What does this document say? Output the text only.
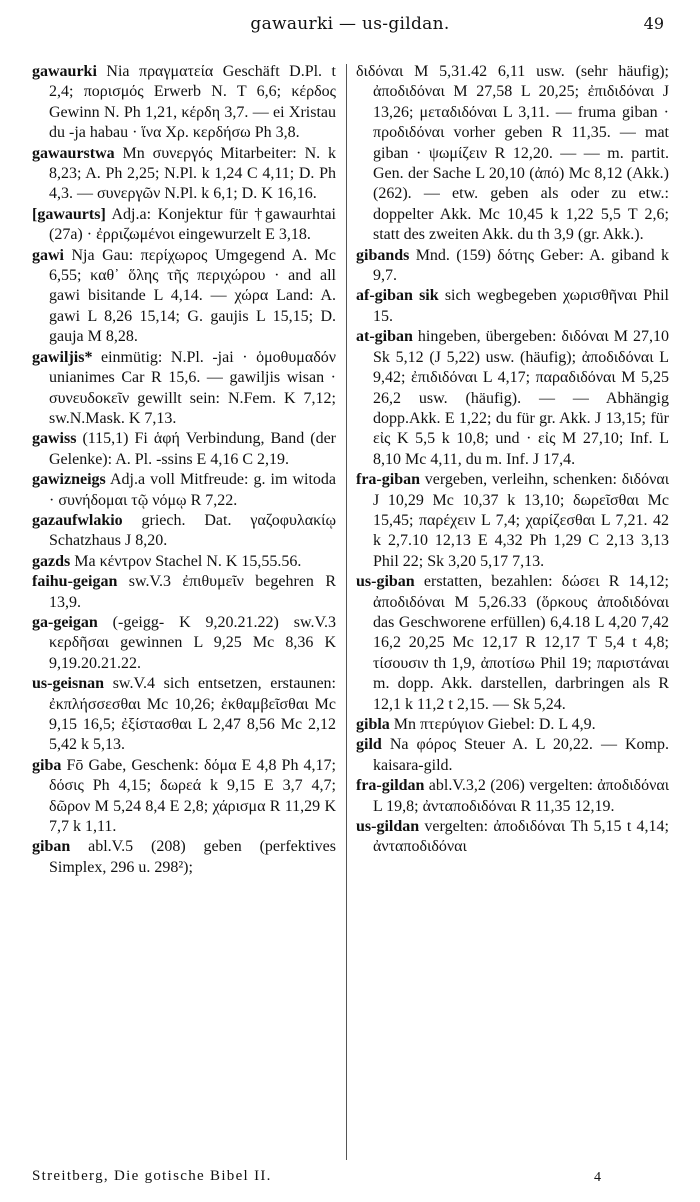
gawaurki — us-gildan.	49

gawaurki Nia πραγματεία Geschäft D.Pl. t 2,4; πορισμός Erwerb N. T 6,6; κέρδος Gewinn N. Ph 1,21, κέρδη 3,7. — ei Xristau du -ja habau · ἵνα Χρ. κερδήσω Ph 3,8.

gawaurstwa Mn συνεργός Mitarbeiter: N. k 8,23; A. Ph 2,25; N.Pl. k 1,24 C 4,11; D. Ph 4,3. — συνεργῶν N.Pl. k 6,1; D. K 16,16.

[gawaurts] Adj.a: Konjektur für †gawaurhtai (27a) · ἐρριζωμένοι eingewurzelt E 3,18.

gawi Nja Gau: περίχωρος Umgegend A. Mc 6,55; καθ᾽ ὅλης τῆς περιχώρου · and all gawi bisitande L 4,14. — χώρα Land: A. gawi L 8,26 15,14; G. gaujis L 15,15; D. gauja M 8,28.

gawiljis* einmütig: N.Pl. -jai · ὁμοθυμαδόν unianimes Car R 15,6. — gawiljis wisan · συνευδοκεῖν gewillt sein: N.Fem. K 7,12; sw.N.Mask. K 7,13.

gawiss (115,1) Fi ἁφή Verbindung, Band (der Gelenke): A. Pl. -ssins E 4,16 C 2,19.

gawizneigs Adj.a voll Mitfreude: g. im witoda · συνήδομαι τῷ νόμῳ R 7,22.

gazaufwlakio griech. Dat. γαζοφυλακίῳ Schatzhaus J 8,20.

gazds Ma κέντρον Stachel N. K 15,55.56.

faihu-geigan sw.V.3 ἐπιθυμεῖν begehren R 13,9.

ga-geigan (-geigg- K 9,20.21.22) sw.V.3 κερδῆσαι gewinnen L 9,25 Mc 8,36 K 9,19.20.21.22.

us-geisnan sw.V.4 sich entsetzen, erstaunen: ἐκπλήσσεσθαι Mc 10,26; ἐκθαμβεῖσθαι Mc 9,15 16,5; ἐξίστασθαι L 2,47 8,56 Mc 2,12 5,42 k 5,13.

giba Fō Gabe, Geschenk: δόμα E 4,8 Ph 4,17; δόσις Ph 4,15; δωρεά k 9,15 E 3,7 4,7; δῶρον M 5,24 8,4 E 2,8; χάρισμα R 11,29 K 7,7 k 1,11.

giban abl.V.5 (208) geben (perfektives Simplex, 296 u. 298²);

διδόναι M 5,31.42 6,11 usw. (sehr häufig); ἀποδιδόναι M 27,58 L 20,25; ἐπιδιδόναι J 13,26; μεταδιδόναι L 3,11. — fruma giban · προδιδόναι vorher geben R 11,35. — mat giban · ψωμίζειν R 12,20. — — m. partit. Gen. der Sache L 20,10 (ἀπό) Mc 8,12 (Akk.) (262). — etw. geben als oder zu etw.: doppelter Akk. Mc 10,45 k 1,22 5,5 T 2,6; statt des zweiten Akk. du th 3,9 (gr. Akk.).

gibands Mnd. (159) δότης Geber: A. giband k 9,7.

af-giban sik sich wegbegeben χωρισθῆναι Phil 15.

at-giban hingeben, übergeben: διδόναι M 27,10 Sk 5,12 (J 5,22) usw. (häufig); ἀποδιδόναι L 9,42; ἐπιδιδόναι L 4,17; παραδιδόναι M 5,25 26,2 usw. (häufig). — — Abhängig dopp.Akk. E 1,22; du für gr. Akk. J 13,15; für εἰς K 5,5 k 10,8; und · εἰς M 27,10; Inf. L 8,10 Mc 4,11, du m. Inf. J 17,4.

fra-giban vergeben, verleihn, schenken: διδόναι J 10,29 Mc 10,37 k 13,10; δωρεῖσθαι Mc 15,45; παρέχειν L 7,4; χαρίζεσθαι L 7,21. 42 k 2,7.10 12,13 E 4,32 Ph 1,29 C 2,13 3,13 Phil 22; Sk 3,20 5,17 7,13.

us-giban erstatten, bezahlen: δώσει R 14,12; ἀποδιδόναι M 5,26.33 (ὅρκους ἀποδιδόναι das Geschworene erfüllen) 6,4.18 L 4,20 7,42 16,2 20,25 Mc 12,17 R 12,17 T 5,4 t 4,8; τίσουσιν th 1,9, ἀποτίσω Phil 19; παριστάναι m. dopp. Akk. darstellen, darbringen als R 12,1 k 11,2 t 2,15. — Sk 5,24.

gibla Mn πτερύγιον Giebel: D. L 4,9.

gild Na φόρος Steuer A. L 20,22. — Komp. kaisara-gild.

fra-gildan abl.V.3,2 (206) vergelten: ἀποδιδόναι L 19,8; ἀνταποδιδόναι R 11,35 12,19.

us-gildan vergelten: ἀποδιδόναι Th 5,15 t 4,14; ἀνταποδιδόναι

Streitberg, Die gotische Bibel II.	4
